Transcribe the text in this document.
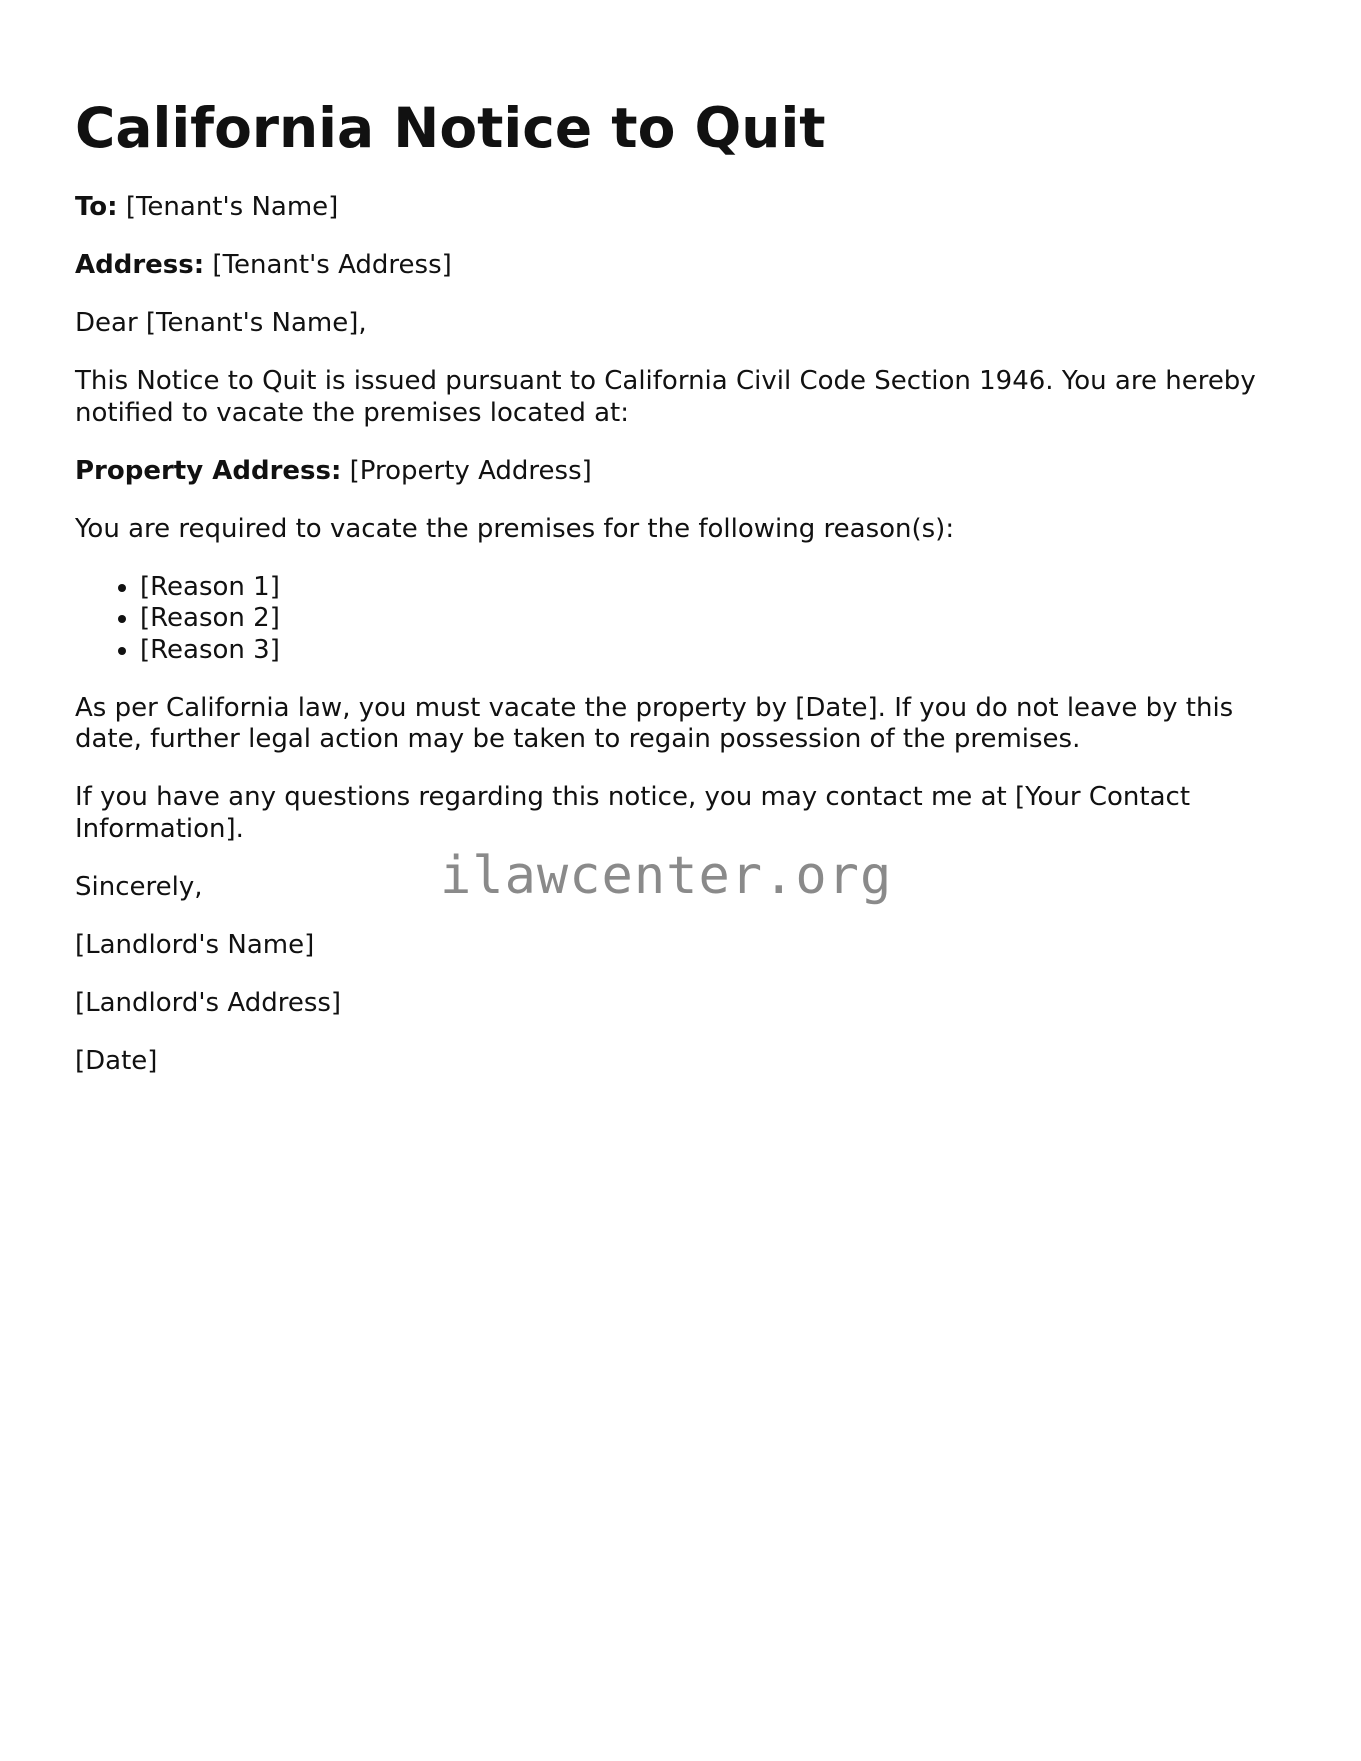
California Notice to Quit

To: [Tenant's Name]

Address: [Tenant's Address]

Dear [Tenant's Name],

This Notice to Quit is issued pursuant to California Civil Code Section 1946. You are hereby notified to vacate the premises located at:

Property Address: [Property Address]

You are required to vacate the premises for the following reason(s):

• [Reason 1]
• [Reason 2]
• [Reason 3]

As per California law, you must vacate the property by [Date]. If you do not leave by this date, further legal action may be taken to regain possession of the premises.

If you have any questions regarding this notice, you may contact me at [Your Contact Information].

Sincerely,

[Landlord's Name]

[Landlord's Address]

[Date]

ilawcenter.org
